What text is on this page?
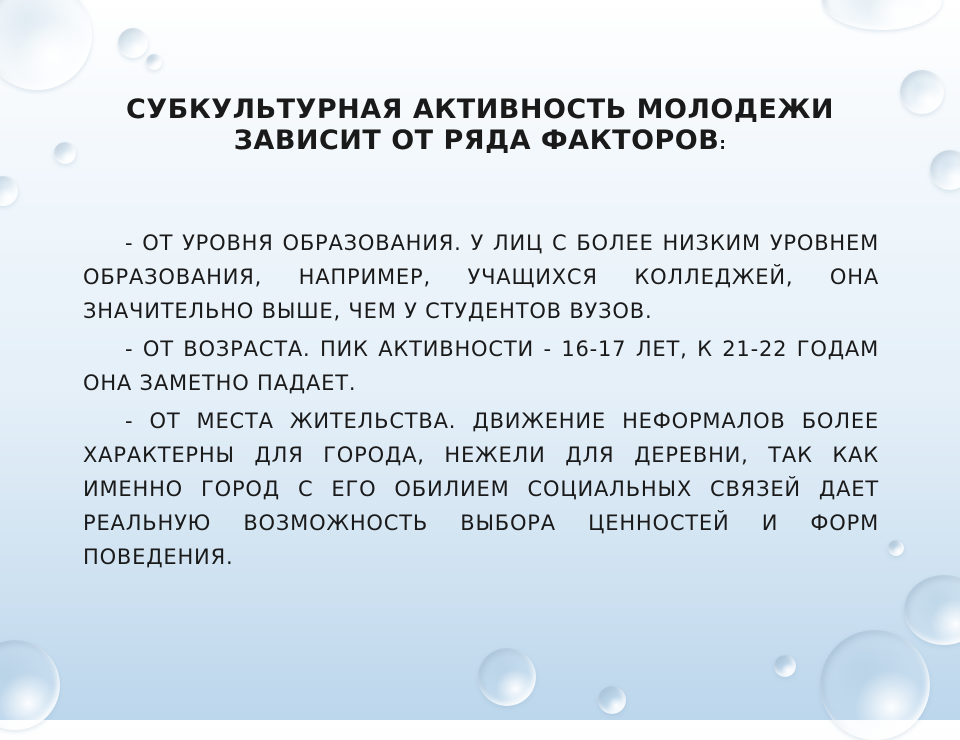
СУБКУЛЬТУРНАЯ АКТИВНОСТЬ МОЛОДЕЖИ
ЗАВИСИТ ОТ РЯДА ФАКТОРОВ:

- ОТ УРОВНЯ ОБРАЗОВАНИЯ. У ЛИЦ С БОЛЕЕ НИЗКИМ УРОВНЕМ ОБРАЗОВАНИЯ, НАПРИМЕР, УЧАЩИХСЯ КОЛЛЕДЖЕЙ, ОНА ЗНАЧИТЕЛЬНО ВЫШЕ, ЧЕМ У СТУДЕНТОВ ВУЗОВ.

- ОТ ВОЗРАСТА. ПИК АКТИВНОСТИ - 16-17 ЛЕТ, К 21-22 ГОДАМ ОНА ЗАМЕТНО ПАДАЕТ.

- ОТ МЕСТА ЖИТЕЛЬСТВА. ДВИЖЕНИЕ НЕФОРМАЛОВ БОЛЕЕ ХАРАКТЕРНЫ ДЛЯ ГОРОДА, НЕЖЕЛИ ДЛЯ ДЕРЕВНИ, ТАК КАК ИМЕННО ГОРОД С ЕГО ОБИЛИЕМ СОЦИАЛЬНЫХ СВЯЗЕЙ ДАЕТ РЕАЛЬНУЮ ВОЗМОЖНОСТЬ ВЫБОРА ЦЕННОСТЕЙ И ФОРМ ПОВЕДЕНИЯ.
